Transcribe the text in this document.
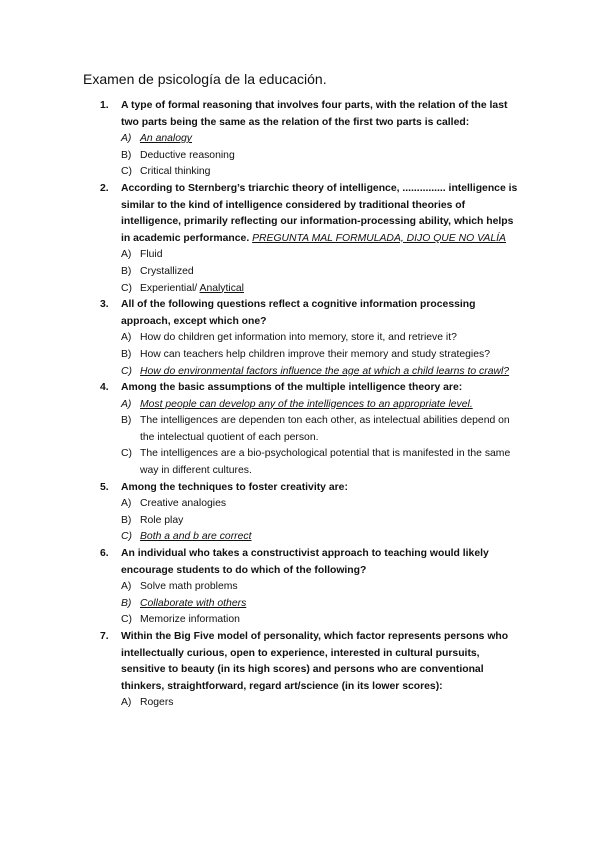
Examen de psicología de la educación.
1. A type of formal reasoning that involves four parts, with the relation of the last two parts being the same as the relation of the first two parts is called:
A) An analogy
B) Deductive reasoning
C) Critical thinking
2. According to Sternberg’s triarchic theory of intelligence, ............... intelligence is similar to the kind of intelligence considered by traditional theories of intelligence, primarily reflecting our information-processing ability, which helps in academic performance. PREGUNTA MAL FORMULADA, DIJO QUE NO VALÍA
A) Fluid
B) Crystallized
C) Experiential/ Analytical
3. All of the following questions reflect a cognitive information processing approach, except which one?
A) How do children get information into memory, store it, and retrieve it?
B) How can teachers help children improve their memory and study strategies?
C) How do environmental factors influence the age at which a child learns to crawl?
4. Among the basic assumptions of the multiple intelligence theory are:
A) Most people can develop any of the intelligences to an appropriate level.
B) The intelligences are dependen ton each other, as intelectual abilities depend on the intelectual quotient of each person.
C) The intelligences are a bio-psychological potential that is manifested in the same way in different cultures.
5. Among the techniques to foster creativity are:
A) Creative analogies
B) Role play
C) Both a and b are correct
6. An individual who takes a constructivist approach to teaching would likely encourage students to do which of the following?
A) Solve math problems
B) Collaborate with others
C) Memorize information
7. Within the Big Five model of personality, which factor represents persons who intellectually curious, open to experience, interested in cultural pursuits, sensitive to beauty (in its high scores) and persons who are conventional thinkers, straightforward, regard art/science (in its lower scores):
A) Rogers
